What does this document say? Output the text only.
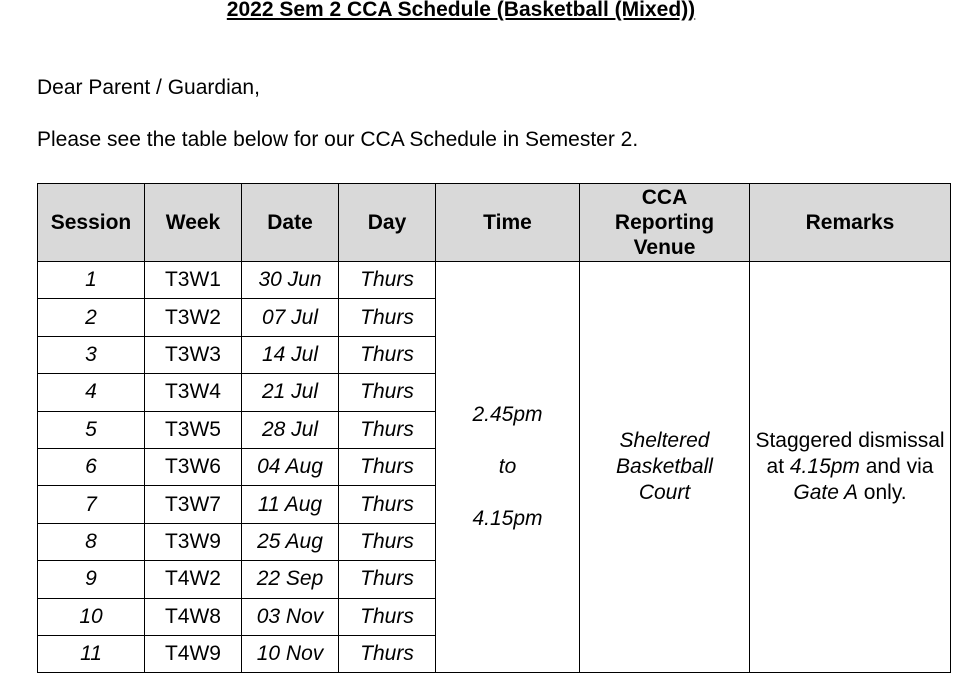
2022 Sem 2 CCA Schedule (Basketball (Mixed))

Dear Parent / Guardian,

Please see the table below for our CCA Schedule in Semester 2.

Session	Week	Date	Day	Time	CCA
Reporting
Venue	Remarks
1	T3W1	30 Jun	Thurs	2.45pm
to
4.15pm	Sheltered
Basketball
Court	Staggered dismissal at 4.15pm and via Gate A only.
2	T3W2	07 Jul	Thurs			
3	T3W3	14 Jul	Thurs			
4	T3W4	21 Jul	Thurs			
5	T3W5	28 Jul	Thurs			
6	T3W6	04 Aug	Thurs			
7	T3W7	11 Aug	Thurs			
8	T3W9	25 Aug	Thurs			
9	T4W2	22 Sep	Thurs			
10	T4W8	03 Nov	Thurs			
11	T4W9	10 Nov	Thurs			
